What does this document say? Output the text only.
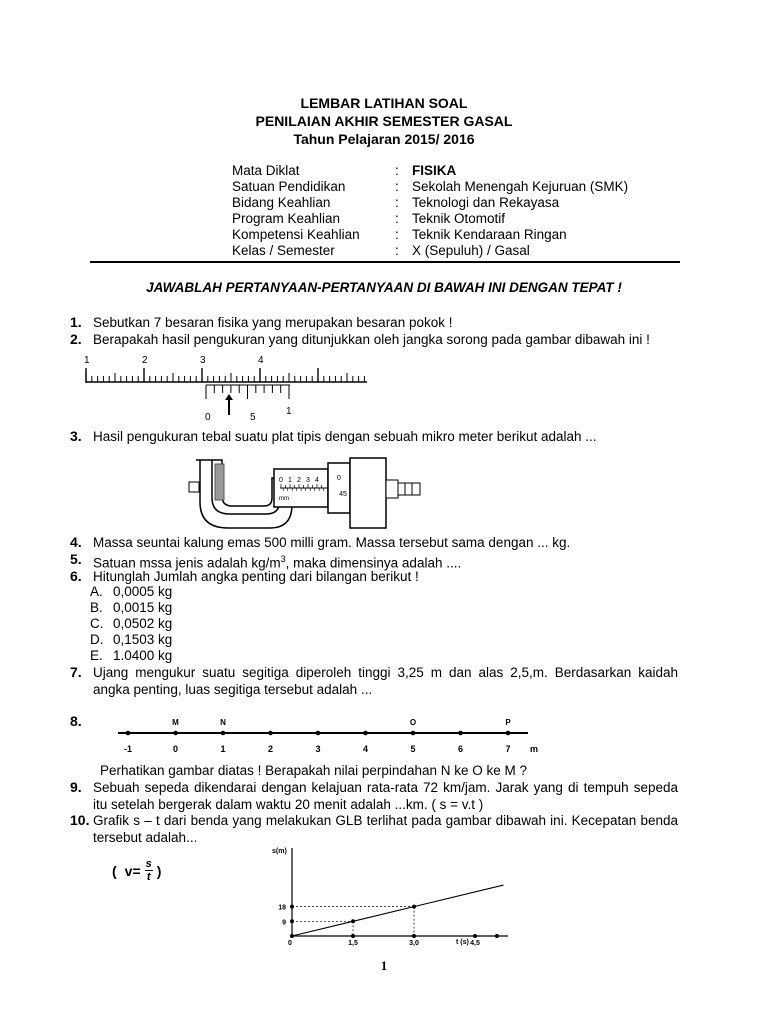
LEMBAR LATIHAN SOAL
PENILAIAN AKHIR SEMESTER GASAL
Tahun Pelajaran 2015/ 2016
Mata Diklat	: FISIKA
Satuan Pendidikan	: Sekolah Menengah Kejuruan (SMK)
Bidang Keahlian	: Teknologi dan Rekayasa
Program Keahlian	: Teknik Otomotif
Kompetensi Keahlian	: Teknik Kendaraan Ringan
Kelas / Semester	: X (Sepuluh) / Gasal
JAWABLAH PERTANYAAN-PERTANYAAN DI BAWAH INI DENGAN TEPAT !
1. Sebutkan 7 besaran fisika yang merupakan besaran pokok !
2. Berapakah hasil pengukuran yang ditunjukkan oleh jangka sorong pada gambar dibawah ini !
1	2	3	4
0	5
1
3. Hasil pengukuran tebal suatu plat tipis dengan sebuah mikro meter berikut adalah ...
0 1 2 3 4
mm
0
45
4. Massa seuntai kalung emas 500 milli gram. Massa tersebut sama dengan ... kg.
5. Satuan mssa jenis adalah $kg/m^3$, maka dimensinya adalah ....
6. Hitunglah Jumlah angka penting dari bilangan berikut !
A. 0,0005 kg
B. 0,0015 kg
C. 0,0502 kg
D. 0,1503 kg
E. 1.0400 kg
7. Ujang mengukur suatu segitiga diperoleh tinggi 3,25 m dan alas 2,5,m. Berdasarkan kaidah angka penting, luas segitiga tersebut adalah ...
8.	M	N	O	P
-1	0	1	2	3	4	5	6	7 m
Perhatikan gambar diatas ! Berapakah nilai perpindahan N ke O ke M ?
9. Sebuah sepeda dikendarai dengan kelajuan rata-rata 72 km/jam. Jarak yang di tempuh sepeda itu setelah bergerak dalam waktu 20 menit adalah ...km. ( s = v.t )
10. Grafik s – t dari benda yang melakukan GLB terlihat pada gambar dibawah ini. Kecepatan benda tersebut adalah...
( $v= \frac{s}{t}$ )
s(m)
t (s)
0	1,5	3,0	4,5
9
18
1
